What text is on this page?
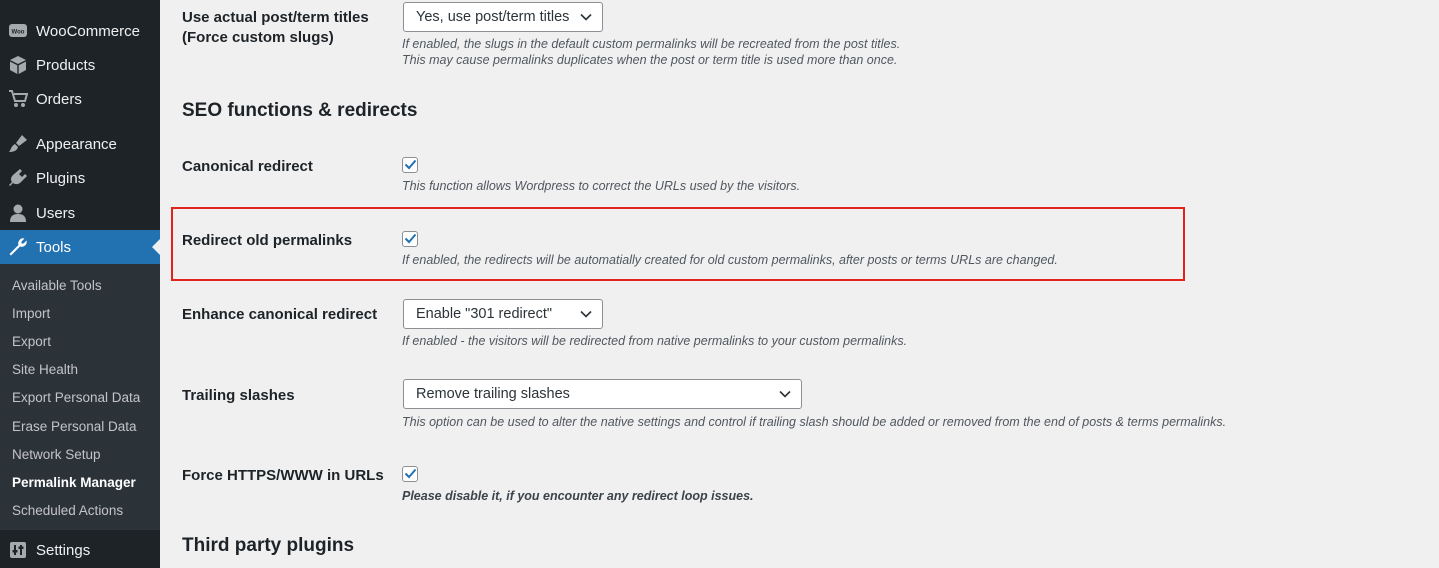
Woo WooCommerce
Products
Orders
Appearance
Plugins
Users
Tools
Available Tools
Import
Export
Site Health
Export Personal Data
Erase Personal Data
Network Setup
Permalink Manager
Scheduled Actions
Settings
Use actual post/term titles
(Force custom slugs)
Yes, use post/term titles
If enabled, the slugs in the default custom permalinks will be recreated from the post titles.
This may cause permalinks duplicates when the post or term title is used more than once.
SEO functions & redirects
Canonical redirect
This function allows Wordpress to correct the URLs used by the visitors.
Redirect old permalinks
If enabled, the redirects will be automatially created for old custom permalinks, after posts or terms URLs are changed.
Enhance canonical redirect	Enable "301 redirect"
If enabled - the visitors will be redirected from native permalinks to your custom permalinks.
Trailing slashes	Remove trailing slashes
This option can be used to alter the native settings and control if trailing slash should be added or removed from the end of posts & terms permalinks.
Force HTTPS/WWW in URLs
Please disable it, if you encounter any redirect loop issues.
Third party plugins
